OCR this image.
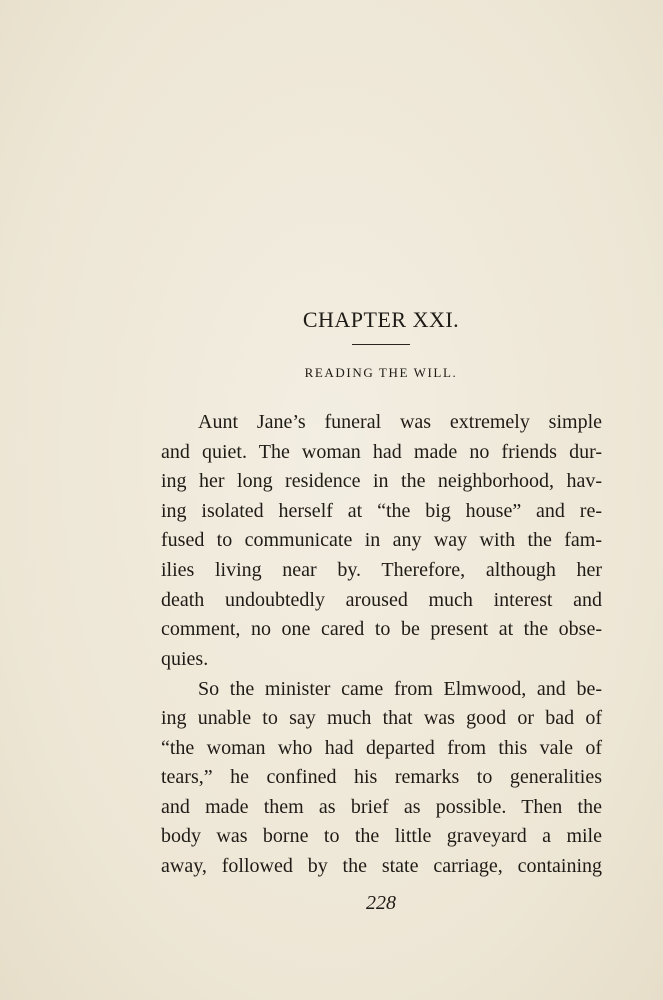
CHAPTER XXI.
READING THE WILL.
Aunt Jane’s funeral was extremely simple
and quiet. The woman had made no friends dur-
ing her long residence in the neighborhood, hav-
ing isolated herself at “the big house” and re-
fused to communicate in any way with the fam-
ilies living near by. Therefore, although her
death undoubtedly aroused much interest and
comment, no one cared to be present at the obse-
quies.
So the minister came from Elmwood, and be-
ing unable to say much that was good or bad of
“the woman who had departed from this vale of
tears,” he confined his remarks to generalities
and made them as brief as possible. Then the
body was borne to the little graveyard a mile
away, followed by the state carriage, containing
228
